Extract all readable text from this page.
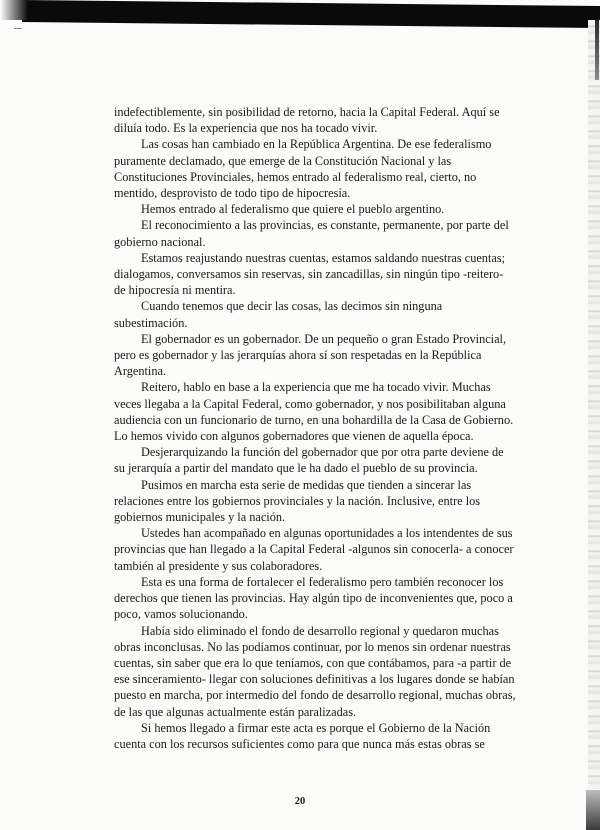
indefectiblemente, sin posibilidad de retorno, hacia la Capital Federal. Aquí se diluía todo. Es la experiencia que nos ha tocado vivir.

Las cosas han cambiado en la República Argentina. De ese federalismo puramente declamado, que emerge de la Constitución Nacional y las Constituciones Provinciales, hemos entrado al federalismo real, cierto, no mentido, desprovisto de todo tipo de hipocresía.

Hemos entrado al federalismo que quiere el pueblo argentino.

El reconocimiento a las provincias, es constante, permanente, por parte del gobierno nacional.

Estamos reajustando nuestras cuentas, estamos saldando nuestras cuentas; dialogamos, conversamos sin reservas, sin zancadillas, sin ningún tipo -reitero- de hipocresía ni mentira.

Cuando tenemos que decir las cosas, las decimos sin ninguna subestimación.

El gobernador es un gobernador. De un pequeño o gran Estado Provincial, pero es gobernador y las jerarquías ahora sí son respetadas en la República Argentina.

Reitero, hablo en base a la experiencia que me ha tocado vivir. Muchas veces llegaba a la Capital Federal, como gobernador, y nos posibilitaban alguna audiencia con un funcionario de turno, en una bohardilla de la Casa de Gobierno. Lo hemos vivido con algunos gobernadores que vienen de aquella época.

Desjerarquizando la función del gobernador que por otra parte deviene de su jerarquía a partir del mandato que le ha dado el pueblo de su provincia.

Pusimos en marcha esta serie de medidas que tienden a sincerar las relaciones entre los gobiernos provinciales y la nación. Inclusive, entre los gobiernos municipales y la nación.

Ustedes han acompañado en algunas oportunidades a los intendentes de sus provincias que han llegado a la Capital Federal -algunos sin conocerla- a conocer también al presidente y sus colaboradores.

Esta es una forma de fortalecer el federalismo pero también reconocer los derechos que tienen las provincias. Hay algún tipo de inconvenientes que, poco a poco, vamos solucionando.

Había sido eliminado el fondo de desarrollo regional y quedaron muchas obras inconclusas. No las podíamos continuar, por lo menos sin ordenar nuestras cuentas, sin saber que era lo que teníamos, con que contábamos, para -a partir de ese sinceramiento- llegar con soluciones definitivas a los lugares donde se habían puesto en marcha, por intermedio del fondo de desarrollo regional, muchas obras, de las que algunas actualmente están paralizadas.

Si hemos llegado a firmar este acta es porque el Gobierno de la Nación cuenta con los recursos suficientes como para que nunca más estas obras se

20
